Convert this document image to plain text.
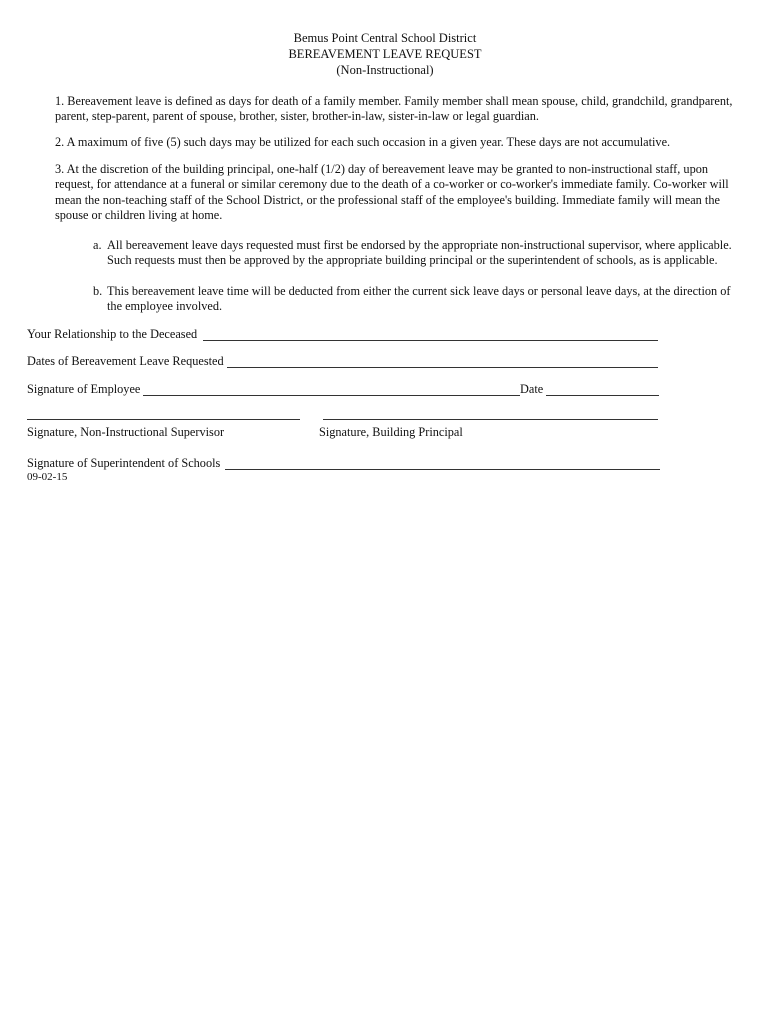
Bemus Point Central School District
BEREAVEMENT LEAVE REQUEST
(Non-Instructional)
1. Bereavement leave is defined as days for death of a family member. Family member shall mean spouse, child, grandchild, grandparent, parent, step-parent, parent of spouse, brother, sister, brother-in-law, sister-in-law or legal guardian.
2. A maximum of five (5) such days may be utilized for each such occasion in a given year. These days are not accumulative.
3. At the discretion of the building principal, one-half (1/2) day of bereavement leave may be granted to non-instructional staff, upon request, for attendance at a funeral or similar ceremony due to the death of a co-worker or co-worker's immediate family. Co-worker will mean the non-teaching staff of the School District, or the professional staff of the employee's building. Immediate family will mean the spouse or children living at home.
a. All bereavement leave days requested must first be endorsed by the appropriate non-instructional supervisor, where applicable. Such requests must then be approved by the appropriate building principal or the superintendent of schools, as is applicable.
b. This bereavement leave time will be deducted from either the current sick leave days or personal leave days, at the direction of the employee involved.
Your Relationship to the Deceased
Dates of Bereavement Leave Requested
Signature of Employee	Date
Signature, Non-Instructional Supervisor	Signature, Building Principal
Signature of Superintendent of Schools
09-02-15
